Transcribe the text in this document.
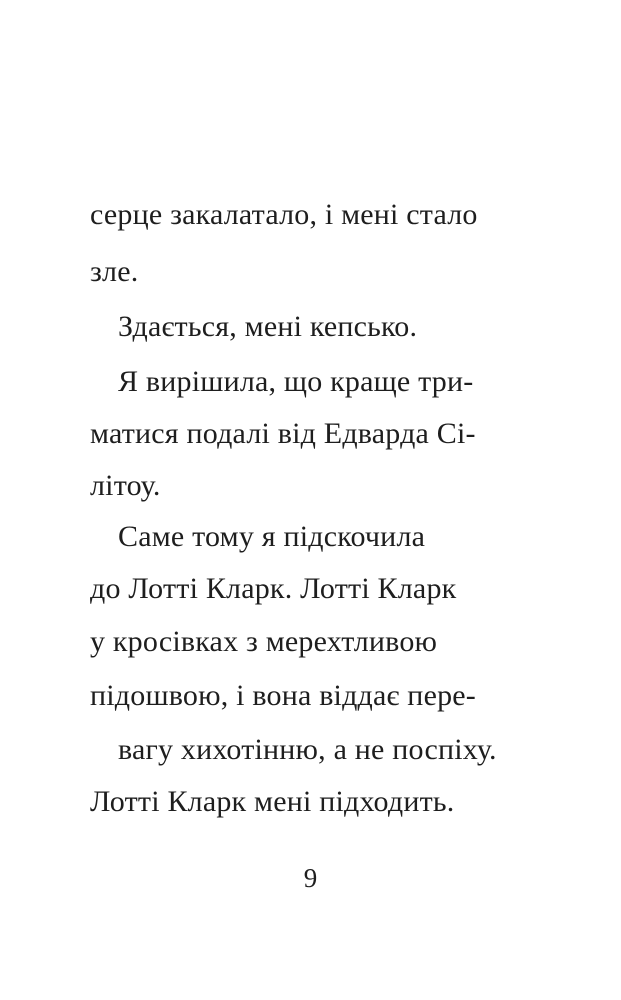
серце закалатало, і мені стало
зле.
Здається, мені кепсько.
Я вирішила, що краще три-
матися подалі від Едварда Сі-
літоу.
Саме тому я підскочила
до Лотті Кларк. Лотті Кларк
у кросівках з мерехтливою
підошвою, і вона віддає пере-
вагу хихотінню, а не поспіху.
Лотті Кларк мені підходить.
9
